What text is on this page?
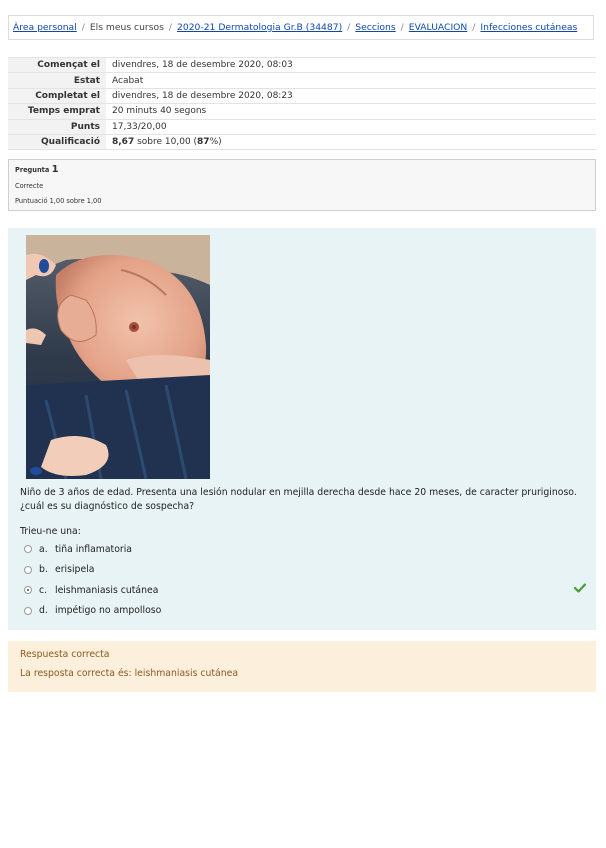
Àrea personal / Els meus cursos / 2020-21 Dermatologia Gr.B (34487) / Seccions / EVALUACION / Infecciones cutáneas
Començat el	divendres, 18 de desembre 2020, 08:03
Estat	Acabat
Completat el	divendres, 18 de desembre 2020, 08:23
Temps emprat	20 minuts 40 segons
Punts	17,33/20,00
Qualificació	8,67 sobre 10,00 (87%)
Pregunta 1
Correcte
Puntuació 1,00 sobre 1,00
Niño de 3 años de edad. Presenta una lesión nodular en mejilla derecha desde hace 20 meses, de caracter pruriginoso. ¿cuál es su diagnóstico de sospecha?
Trieu-ne una:
a. tiña inflamatoria
b. erisipela
c. leishmaniasis cutánea
d. impétigo no ampolloso
Respuesta correcta
La resposta correcta és: leishmaniasis cutánea
